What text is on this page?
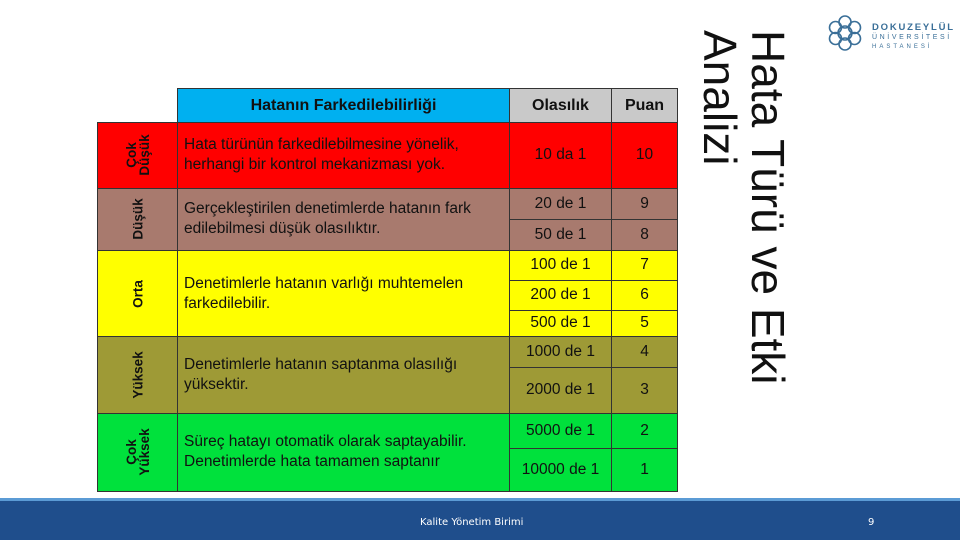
	Hatanın Farkedilebilirliği	Olasılık	Puan

Çok
Düşük	Hata türünün farkedilebilmesine yönelik, herhangi bir kontrol mekanizması yok.	10 da 1	10

Düşük	Gerçekleştirilen denetimlerde hatanın fark edilebilmesi düşük olasılıktır.	20 de 1	9
		50 de 1	8

Orta	Denetimlerle hatanın varlığı muhtemelen farkedilebilir.	100 de 1	7
		200 de 1	6
		500 de 1	5

Yüksek	Denetimlerle hatanın saptanma olasılığı yüksektir.	1000 de 1	4
		2000 de 1	3

Çok
Yüksek	Süreç hatayı otomatik olarak saptayabilir. Denetimlerde hata tamamen saptanır	5000 de 1	2
		10000 de 1	1
Hata Türü ve Etki
Analizi
DOKUZEYLÜL
ÜNİVERSİTESİ
HASTANESİ
Kalite Yönetim Birimi	9
